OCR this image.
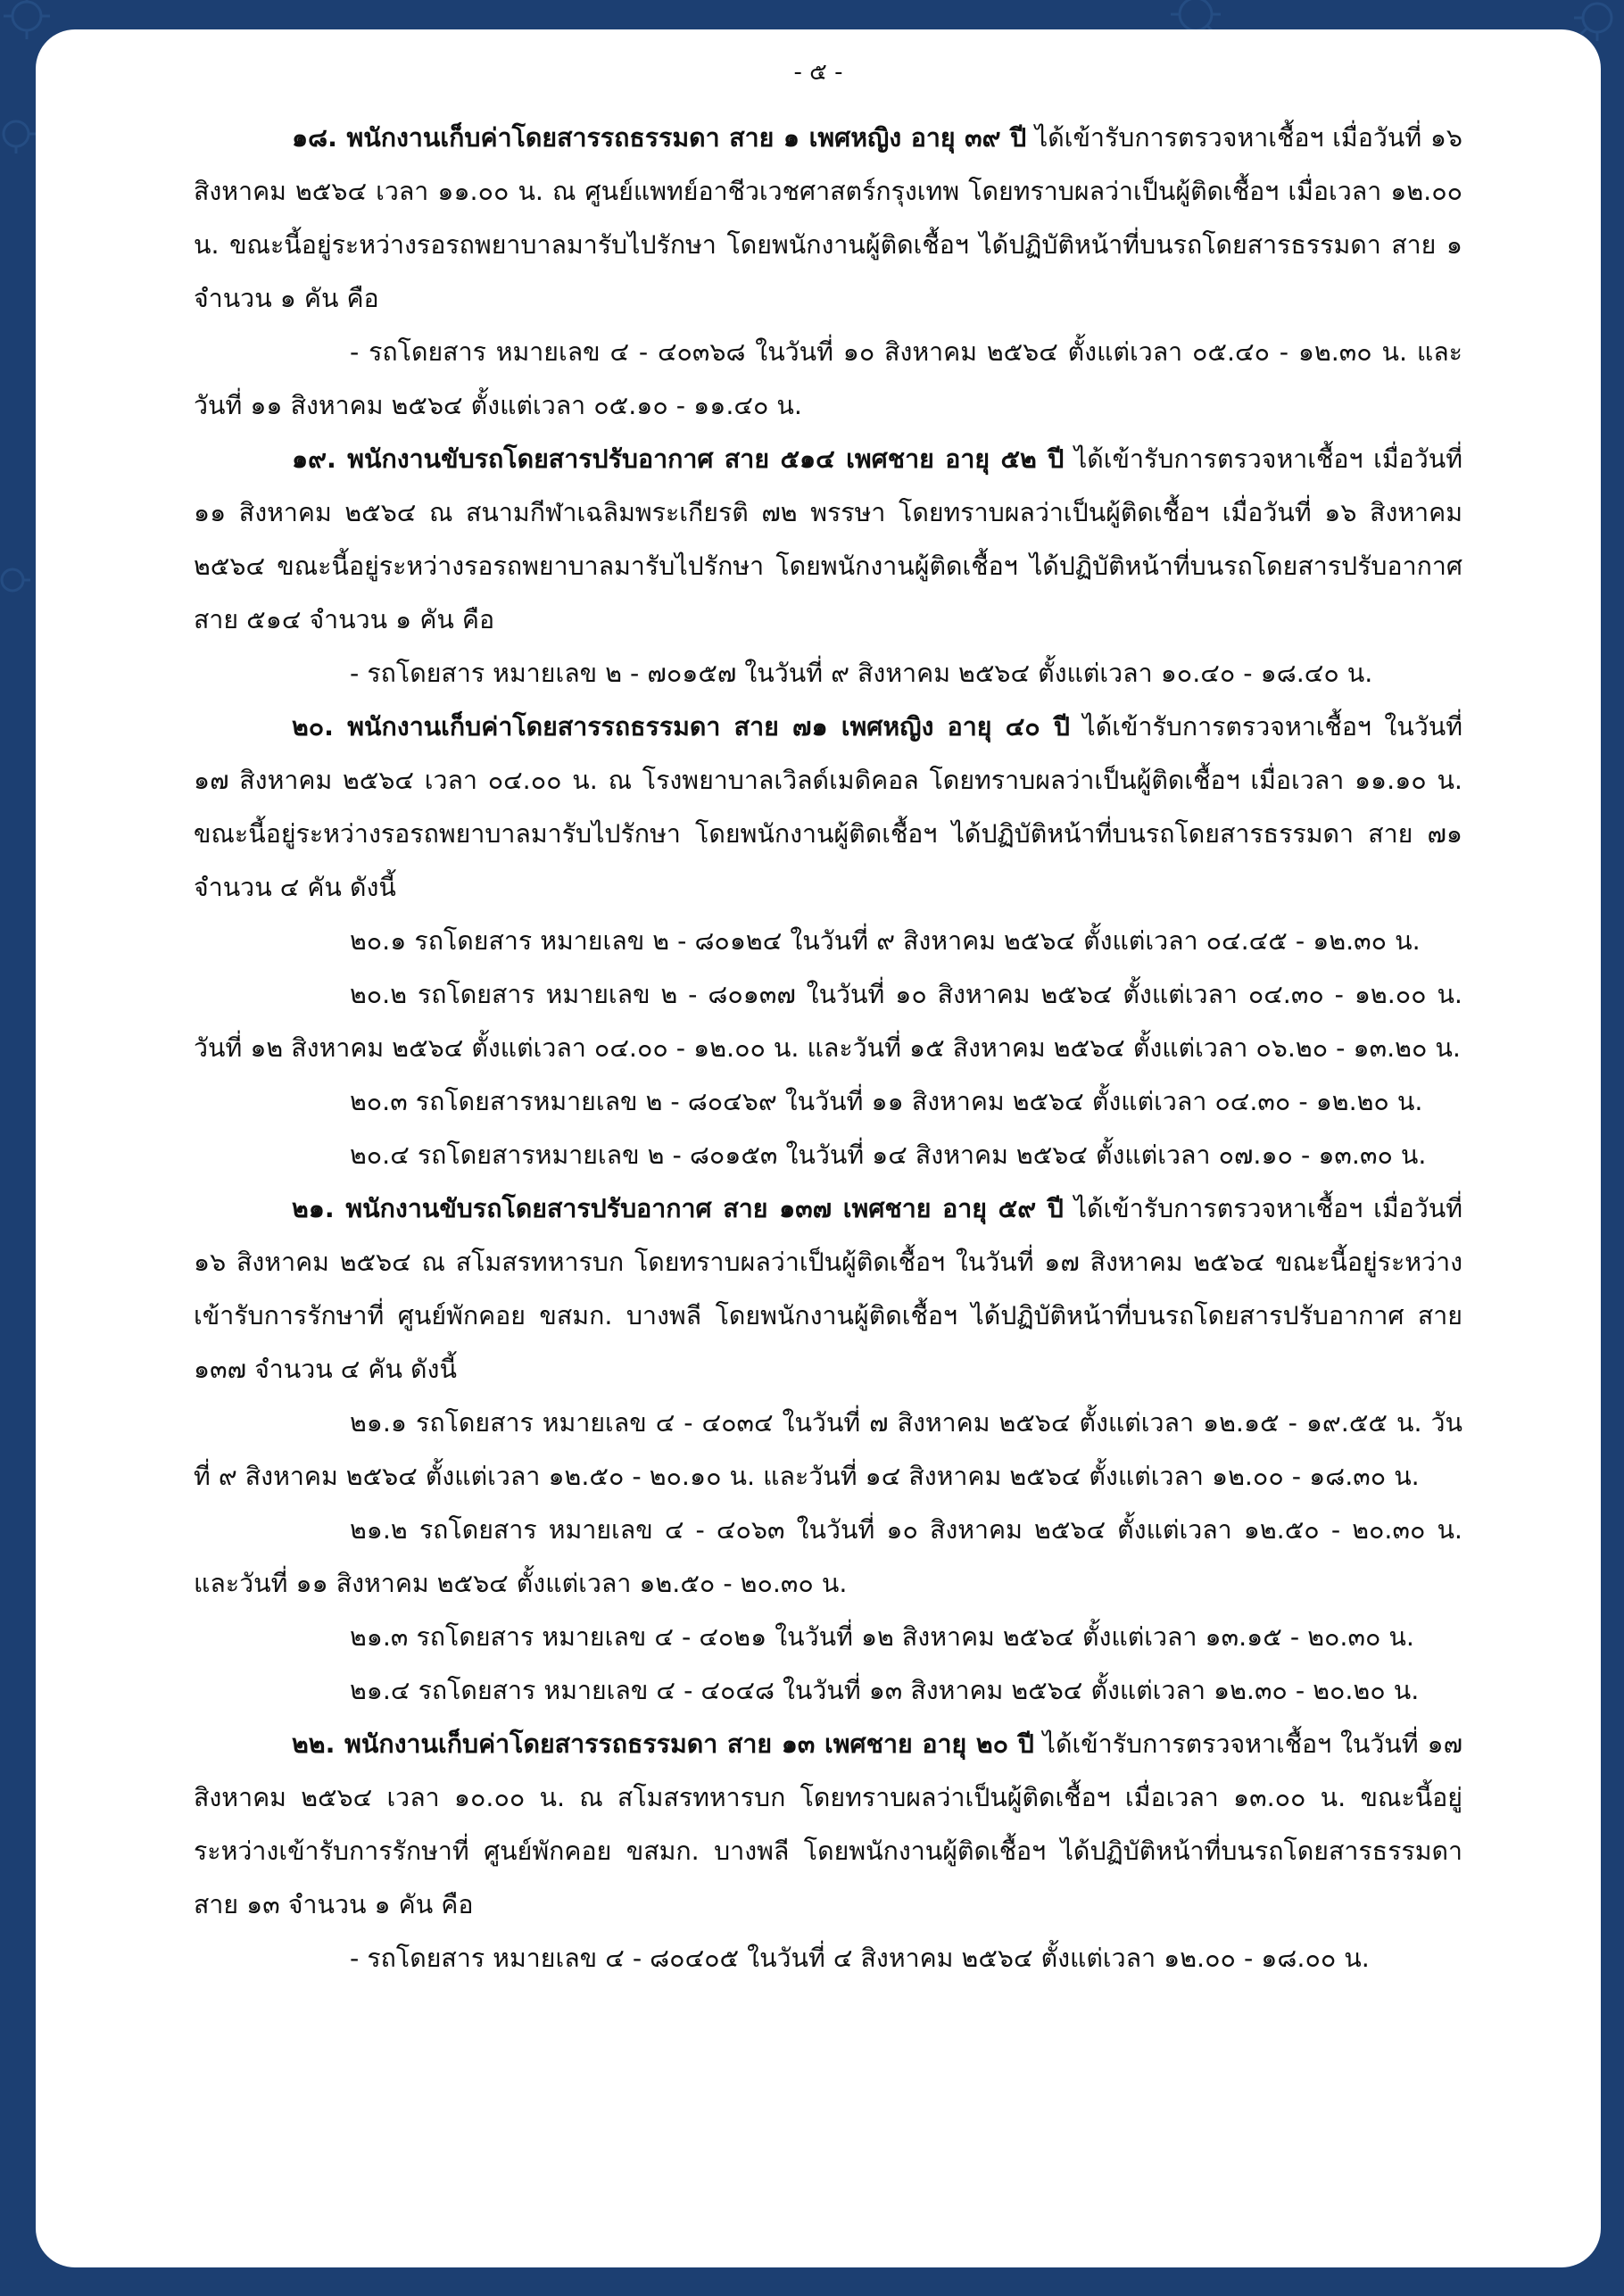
- ๕ -

๑๘. พนักงานเก็บค่าโดยสารรถธรรมดา สาย ๑ เพศหญิง อายุ ๓๙ ปี ได้เข้ารับการตรวจหาเชื้อฯ เมื่อวันที่ ๑๖ สิงหาคม ๒๕๖๔ เวลา ๑๑.๐๐ น. ณ ศูนย์แพทย์อาชีวเวชศาสตร์กรุงเทพ โดยทราบผลว่าเป็นผู้ติดเชื้อฯ เมื่อเวลา ๑๒.๐๐ น. ขณะนี้อยู่ระหว่างรอรถพยาบาลมารับไปรักษา โดยพนักงานผู้ติดเชื้อฯ ได้ปฏิบัติหน้าที่บนรถโดยสารธรรมดา สาย ๑ จำนวน ๑ คัน คือ

- รถโดยสาร หมายเลข ๔ - ๔๐๓๖๘ ในวันที่ ๑๐ สิงหาคม ๒๕๖๔ ตั้งแต่เวลา ๐๕.๔๐ - ๑๒.๓๐ น. และวันที่ ๑๑ สิงหาคม ๒๕๖๔ ตั้งแต่เวลา ๐๕.๑๐ - ๑๑.๔๐ น.

๑๙. พนักงานขับรถโดยสารปรับอากาศ สาย ๕๑๔ เพศชาย อายุ ๕๒ ปี ได้เข้ารับการตรวจหาเชื้อฯ เมื่อวันที่ ๑๑ สิงหาคม ๒๕๖๔ ณ สนามกีฬาเฉลิมพระเกียรติ ๗๒ พรรษา โดยทราบผลว่าเป็นผู้ติดเชื้อฯ เมื่อวันที่ ๑๖ สิงหาคม ๒๕๖๔ ขณะนี้อยู่ระหว่างรอรถพยาบาลมารับไปรักษา โดยพนักงานผู้ติดเชื้อฯ ได้ปฏิบัติหน้าที่บนรถโดยสารปรับอากาศ สาย ๕๑๔ จำนวน ๑ คัน คือ

- รถโดยสาร หมายเลข ๒ - ๗๐๑๕๗ ในวันที่ ๙ สิงหาคม ๒๕๖๔ ตั้งแต่เวลา ๑๐.๔๐ - ๑๘.๔๐ น.

๒๐. พนักงานเก็บค่าโดยสารรถธรรมดา สาย ๗๑ เพศหญิง อายุ ๔๐ ปี ได้เข้ารับการตรวจหาเชื้อฯ ในวันที่ ๑๗ สิงหาคม ๒๕๖๔ เวลา ๐๔.๐๐ น. ณ โรงพยาบาลเวิลด์เมดิคอล โดยทราบผลว่าเป็นผู้ติดเชื้อฯ เมื่อเวลา ๑๑.๑๐ น. ขณะนี้อยู่ระหว่างรอรถพยาบาลมารับไปรักษา โดยพนักงานผู้ติดเชื้อฯ ได้ปฏิบัติหน้าที่บนรถโดยสารธรรมดา สาย ๗๑ จำนวน ๔ คัน ดังนี้

๒๐.๑ รถโดยสาร หมายเลข ๒ - ๘๐๑๒๔ ในวันที่ ๙ สิงหาคม ๒๕๖๔ ตั้งแต่เวลา ๐๔.๔๕ - ๑๒.๓๐ น.

๒๐.๒ รถโดยสาร หมายเลข ๒ - ๘๐๑๓๗ ในวันที่ ๑๐ สิงหาคม ๒๕๖๔ ตั้งแต่เวลา ๐๔.๓๐ - ๑๒.๐๐ น. วันที่ ๑๒ สิงหาคม ๒๕๖๔ ตั้งแต่เวลา ๐๔.๐๐ - ๑๒.๐๐ น. และวันที่ ๑๕ สิงหาคม ๒๕๖๔ ตั้งแต่เวลา ๐๖.๒๐ - ๑๓.๒๐ น.

๒๐.๓ รถโดยสารหมายเลข ๒ - ๘๐๔๖๙ ในวันที่ ๑๑ สิงหาคม ๒๕๖๔ ตั้งแต่เวลา ๐๔.๓๐ - ๑๒.๒๐ น.

๒๐.๔ รถโดยสารหมายเลข ๒ - ๘๐๑๕๓ ในวันที่ ๑๔ สิงหาคม ๒๕๖๔ ตั้งแต่เวลา ๐๗.๑๐ - ๑๓.๓๐ น.

๒๑. พนักงานขับรถโดยสารปรับอากาศ สาย ๑๓๗ เพศชาย อายุ ๕๙ ปี ได้เข้ารับการตรวจหาเชื้อฯ เมื่อวันที่ ๑๖ สิงหาคม ๒๕๖๔ ณ สโมสรทหารบก โดยทราบผลว่าเป็นผู้ติดเชื้อฯ ในวันที่ ๑๗ สิงหาคม ๒๕๖๔ ขณะนี้อยู่ระหว่างเข้ารับการรักษาที่ ศูนย์พักคอย ขสมก. บางพลี โดยพนักงานผู้ติดเชื้อฯ ได้ปฏิบัติหน้าที่บนรถโดยสารปรับอากาศ สาย ๑๓๗ จำนวน ๔ คัน ดังนี้

๒๑.๑ รถโดยสาร หมายเลข ๔ - ๔๐๓๔ ในวันที่ ๗ สิงหาคม ๒๕๖๔ ตั้งแต่เวลา ๑๒.๑๕ - ๑๙.๕๕ น. วันที่ ๙ สิงหาคม ๒๕๖๔ ตั้งแต่เวลา ๑๒.๕๐ - ๒๐.๑๐ น. และวันที่ ๑๔ สิงหาคม ๒๕๖๔ ตั้งแต่เวลา ๑๒.๐๐ - ๑๘.๓๐ น.

๒๑.๒ รถโดยสาร หมายเลข ๔ - ๔๐๖๓ ในวันที่ ๑๐ สิงหาคม ๒๕๖๔ ตั้งแต่เวลา ๑๒.๕๐ - ๒๐.๓๐ น. และวันที่ ๑๑ สิงหาคม ๒๕๖๔ ตั้งแต่เวลา ๑๒.๕๐ - ๒๐.๓๐ น.

๒๑.๓ รถโดยสาร หมายเลข ๔ - ๔๐๒๑ ในวันที่ ๑๒ สิงหาคม ๒๕๖๔ ตั้งแต่เวลา ๑๓.๑๕ - ๒๐.๓๐ น.

๒๑.๔ รถโดยสาร หมายเลข ๔ - ๔๐๔๘ ในวันที่ ๑๓ สิงหาคม ๒๕๖๔ ตั้งแต่เวลา ๑๒.๓๐ - ๒๐.๒๐ น.

๒๒. พนักงานเก็บค่าโดยสารรถธรรมดา สาย ๑๓ เพศชาย อายุ ๒๐ ปี ได้เข้ารับการตรวจหาเชื้อฯ ในวันที่ ๑๗ สิงหาคม ๒๕๖๔ เวลา ๑๐.๐๐ น. ณ สโมสรทหารบก โดยทราบผลว่าเป็นผู้ติดเชื้อฯ เมื่อเวลา ๑๓.๐๐ น. ขณะนี้อยู่ระหว่างเข้ารับการรักษาที่ ศูนย์พักคอย ขสมก. บางพลี โดยพนักงานผู้ติดเชื้อฯ ได้ปฏิบัติหน้าที่บนรถโดยสารธรรมดา สาย ๑๓ จำนวน ๑ คัน คือ

- รถโดยสาร หมายเลข ๔ - ๘๐๔๐๕ ในวันที่ ๔ สิงหาคม ๒๕๖๔ ตั้งแต่เวลา ๑๒.๐๐ - ๑๘.๐๐ น.
